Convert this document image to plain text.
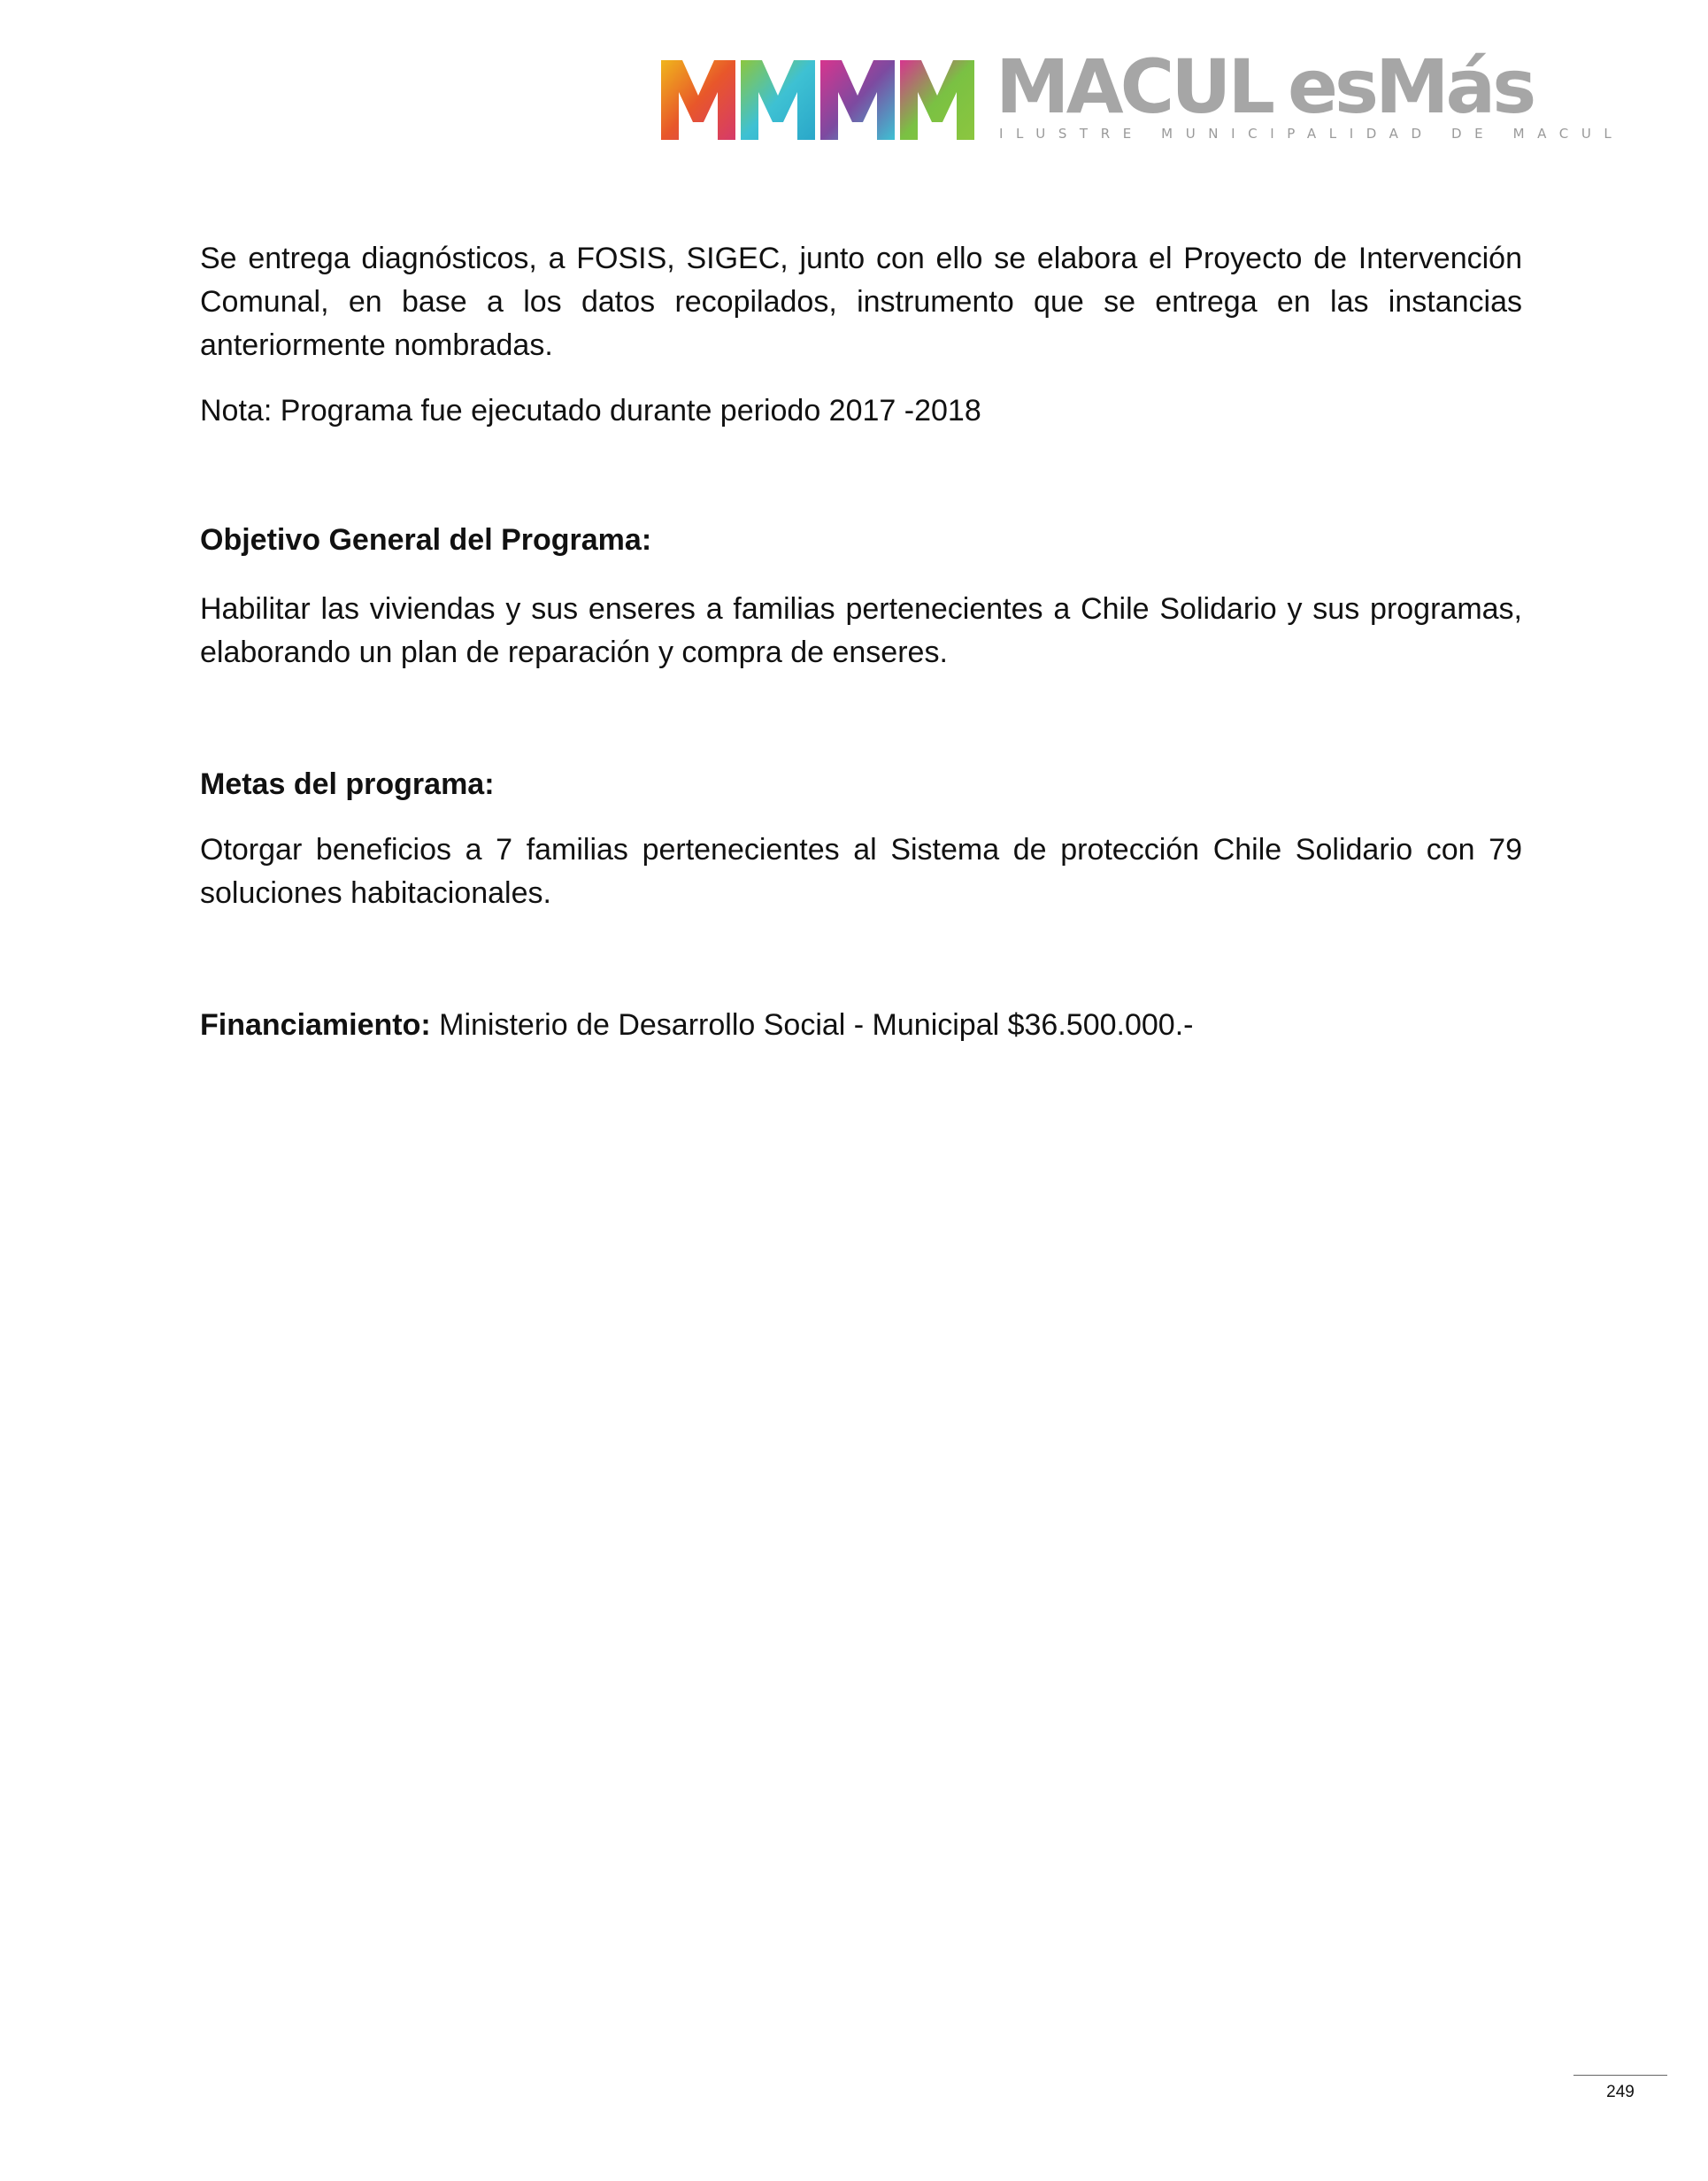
MACUL esMás
ILUSTRE MUNICIPALIDAD DE MACUL

Se entrega diagnósticos, a FOSIS, SIGEC, junto con ello se elabora el Proyecto de Intervención Comunal, en base a los datos recopilados, instrumento que se entrega en las instancias anteriormente nombradas.

Nota: Programa fue ejecutado durante periodo 2017 -2018

Objetivo General del Programa:

Habilitar las viviendas y sus enseres a familias pertenecientes a Chile Solidario y sus programas, elaborando un plan de reparación y compra de enseres.

Metas del programa:

Otorgar beneficios a 7 familias pertenecientes al Sistema de protección Chile Solidario con 79 soluciones habitacionales.

Financiamiento: Ministerio de Desarrollo Social - Municipal $36.500.000.-

249
